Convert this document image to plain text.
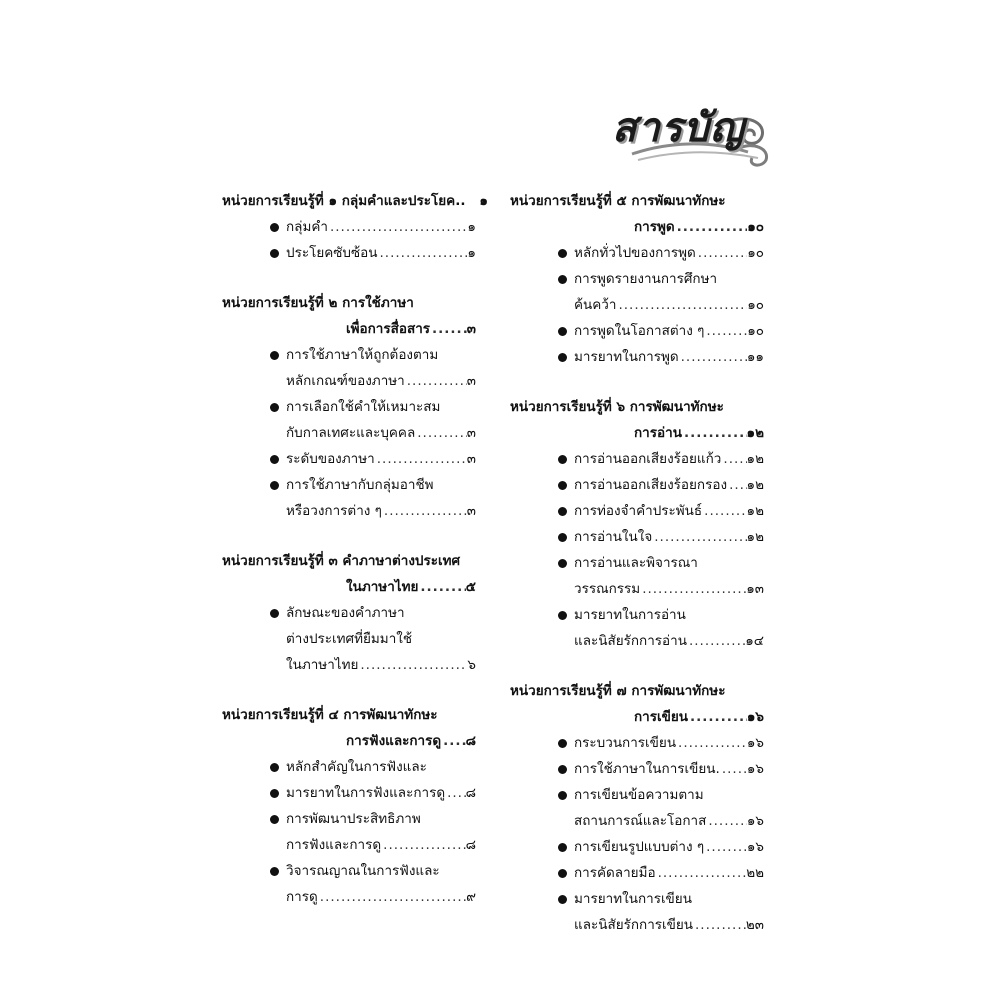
สารบัญ
หน่วยการเรียนรู้ที่ ๑ กลุ่มคำและประโยค.. ๑
กลุ่มคำ .....	๑
ประโยคซับซ้อน .....	๑
หน่วยการเรียนรู้ที่ ๒ การใช้ภาษา
เพื่อการสื่อสาร .....	๓
การใช้ภาษาให้ถูกต้องตาม
หลักเกณฑ์ของภาษา .....	๓
การเลือกใช้คำให้เหมาะสม
กับกาลเทศะและบุคคล .....	๓
ระดับของภาษา .....	๓
การใช้ภาษากับกลุ่มอาชีพ
หรือวงการต่าง ๆ .....	๓
หน่วยการเรียนรู้ที่ ๓ คำภาษาต่างประเทศ
ในภาษาไทย .....	๕
ลักษณะของคำภาษา
ต่างประเทศที่ยืมมาใช้
ในภาษาไทย .....	๖
หน่วยการเรียนรู้ที่ ๔ การพัฒนาทักษะ
การฟังและการดู ..... ๘
หลักสำคัญในการฟังและ
มารยาทในการฟังและการดู ..... ๘
การพัฒนาประสิทธิภาพ
การฟังและการดู .....	๘
วิจารณญาณในการฟังและ
การดู .....	๙
หน่วยการเรียนรู้ที่ ๕ การพัฒนาทักษะ
การพูด .....	๑๐
หลักทั่วไปของการพูด .....	๑๐
การพูดรายงานการศึกษา
ค้นคว้า .....	๑๐
การพูดในโอกาสต่าง ๆ .....	๑๐
มารยาทในการพูด .....	๑๑
หน่วยการเรียนรู้ที่ ๖ การพัฒนาทักษะ
การอ่าน .....	๑๒
การอ่านออกเสียงร้อยแก้ว ..... ๑๒
การอ่านออกเสียงร้อยกรอง ..... ๑๒
การท่องจำคำประพันธ์ .....	๑๒
การอ่านในใจ .....	๑๒
การอ่านและพิจารณา
วรรณกรรม .....	๑๓
มารยาทในการอ่าน
และนิสัยรักการอ่าน .....	๑๔
หน่วยการเรียนรู้ที่ ๗ การพัฒนาทักษะ
การเขียน .....	๑๖
กระบวนการเขียน .....	๑๖
การใช้ภาษาในการเขียน. ..... ๑๖
การเขียนข้อความตาม
สถานการณ์และโอกาส .....	๑๖
การเขียนรูปแบบต่าง ๆ .....	๑๖
การคัดลายมือ .....	๒๒
มารยาทในการเขียน
และนิสัยรักการเขียน .....	๒๓
